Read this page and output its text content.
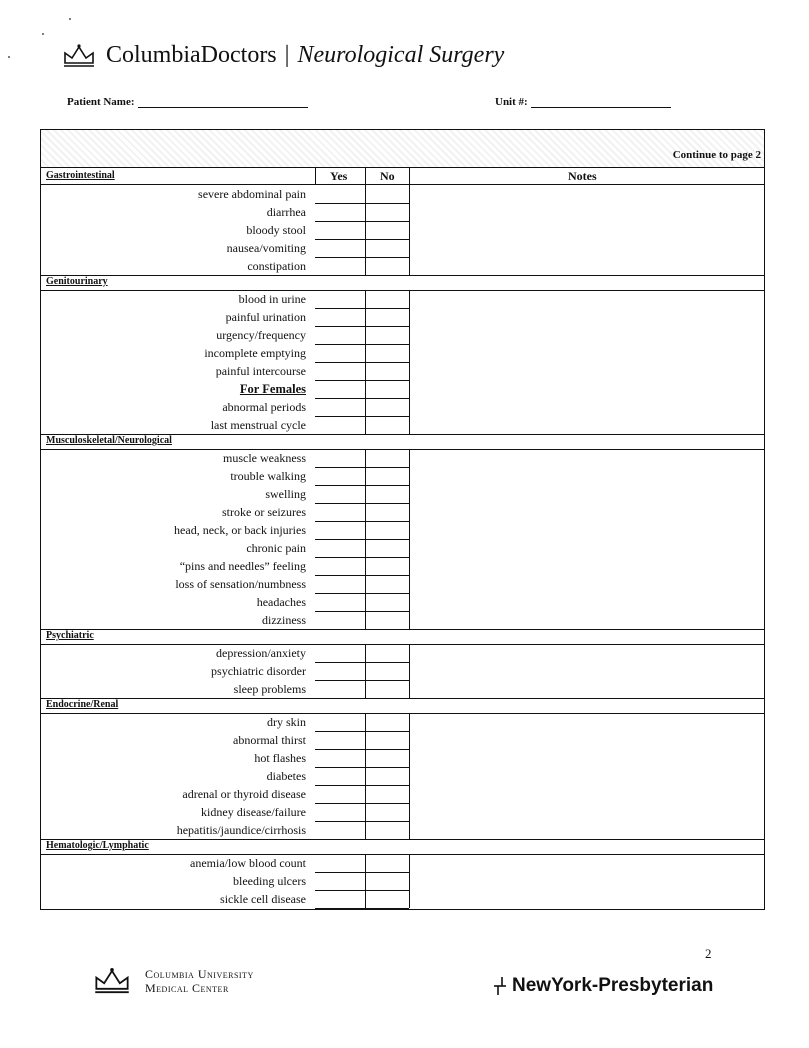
ColumbiaDoctors | Neurological Surgery
Patient Name:	Unit #:
Continue to page 2
Yes	No	Notes
Gastrointestinal
severe abdominal pain
diarrhea
bloody stool
nausea/vomiting
constipation
Genitourinary
blood in urine
painful urination
urgency/frequency
incomplete emptying
painful intercourse
For Females
abnormal periods
last menstrual cycle
Musculoskeletal/Neurological
muscle weakness
trouble walking
swelling
stroke or seizures
head, neck, or back injuries
chronic pain
“pins and needles” feeling
loss of sensation/numbness
headaches
dizziness
Psychiatric
depression/anxiety
psychiatric disorder
sleep problems
Endocrine/Renal
dry skin
abnormal thirst
hot flashes
diabetes
adrenal or thyroid disease
kidney disease/failure
hepatitis/jaundice/cirrhosis
Hematologic/Lymphatic
anemia/low blood count
bleeding ulcers
sickle cell disease
2
Columbia University
Medical Center	NewYork-Presbyterian
